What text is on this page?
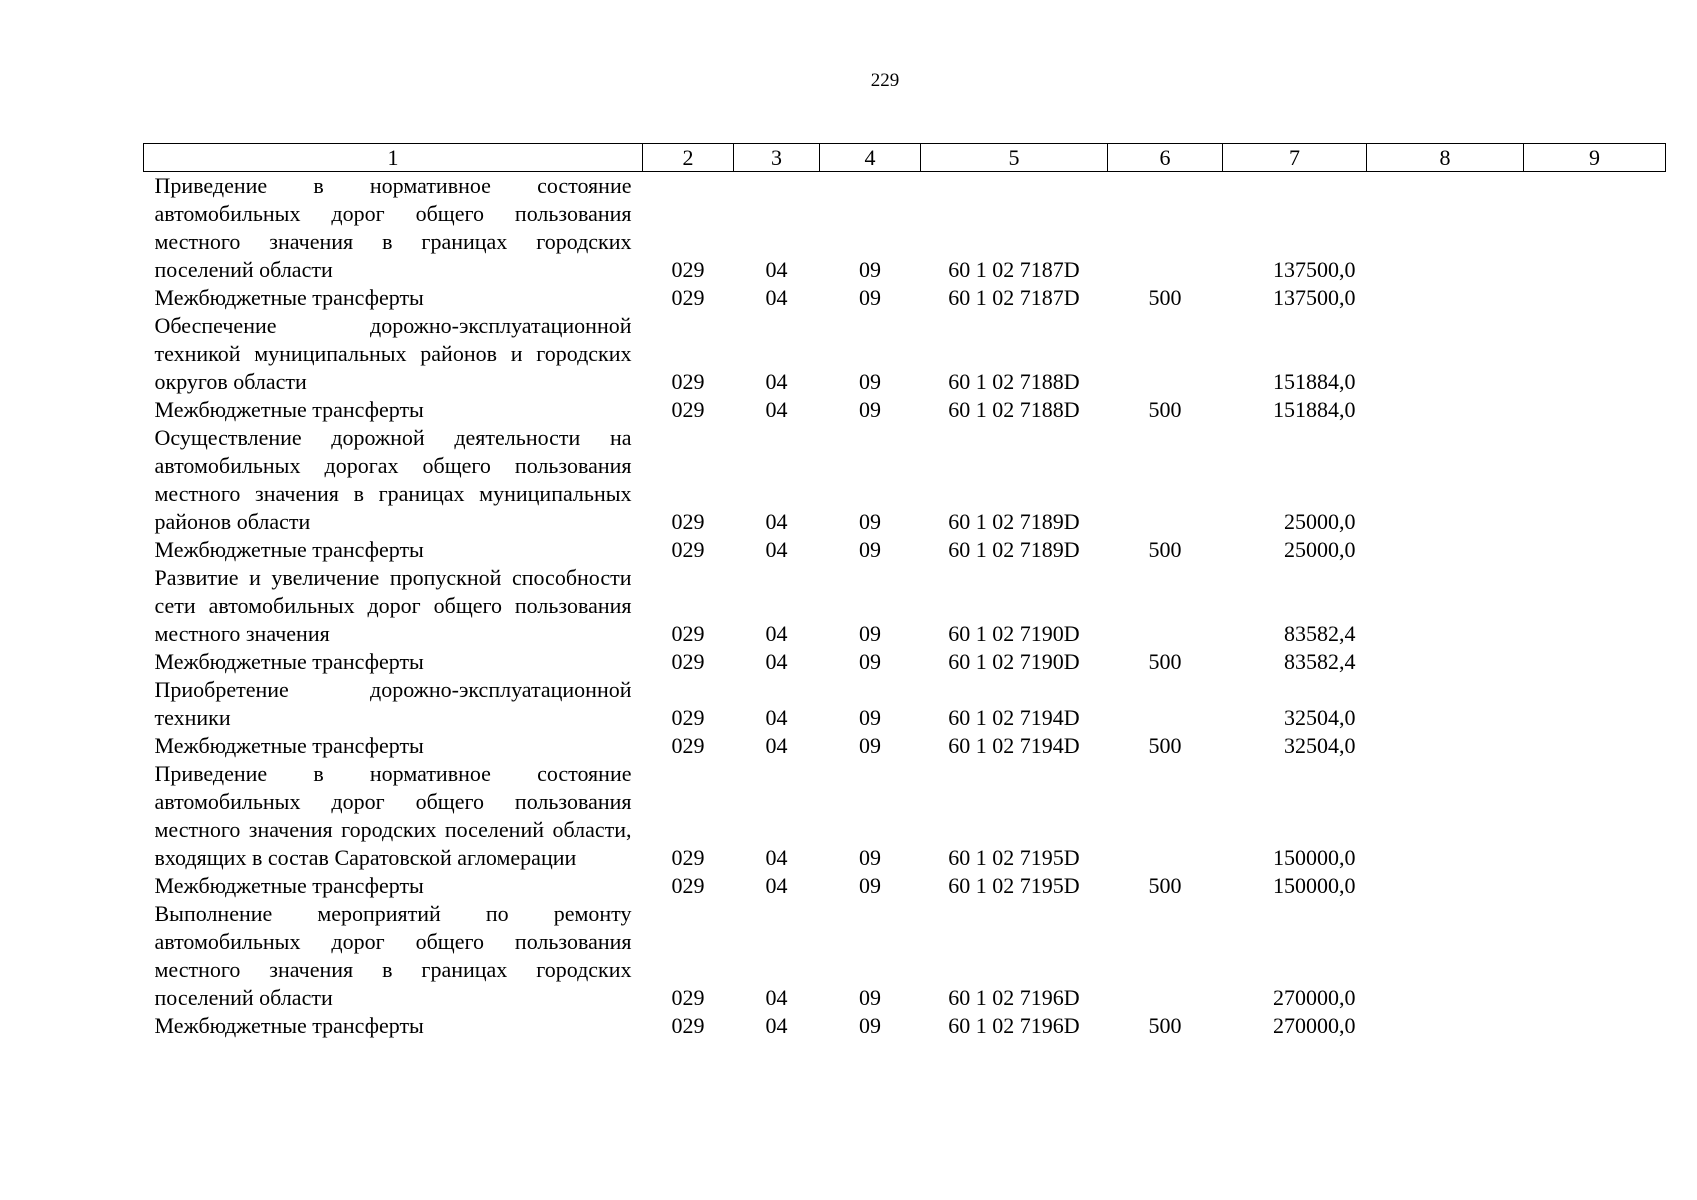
229
1	2	3	4	5	6	7	8	9
Приведение в нормативное состояние автомобильных дорог общего пользования местного значения в границах городских поселений области	029	04	09	60 1 02 7187D		137500,0		
Межбюджетные трансферты	029	04	09	60 1 02 7187D	500	137500,0		
Обеспечение дорожно-эксплуатационной техникой муниципальных районов и городских округов области	029	04	09	60 1 02 7188D		151884,0		
Межбюджетные трансферты	029	04	09	60 1 02 7188D	500	151884,0		
Осуществление дорожной деятельности на автомобильных дорогах общего пользования местного значения в границах муниципальных районов области	029	04	09	60 1 02 7189D		25000,0		
Межбюджетные трансферты	029	04	09	60 1 02 7189D	500	25000,0		
Развитие и увеличение пропускной способности сети автомобильных дорог общего пользования местного значения	029	04	09	60 1 02 7190D		83582,4		
Межбюджетные трансферты	029	04	09	60 1 02 7190D	500	83582,4		
Приобретение дорожно-эксплуатационной техники	029	04	09	60 1 02 7194D		32504,0		
Межбюджетные трансферты	029	04	09	60 1 02 7194D	500	32504,0		
Приведение в нормативное состояние автомобильных дорог общего пользования местного значения городских поселений области, входящих в состав Саратовской агломерации	029	04	09	60 1 02 7195D		150000,0		
Межбюджетные трансферты	029	04	09	60 1 02 7195D	500	150000,0		
Выполнение мероприятий по ремонту автомобильных дорог общего пользования местного значения в границах городских поселений области	029	04	09	60 1 02 7196D		270000,0		
Межбюджетные трансферты	029	04	09	60 1 02 7196D	500	270000,0		
